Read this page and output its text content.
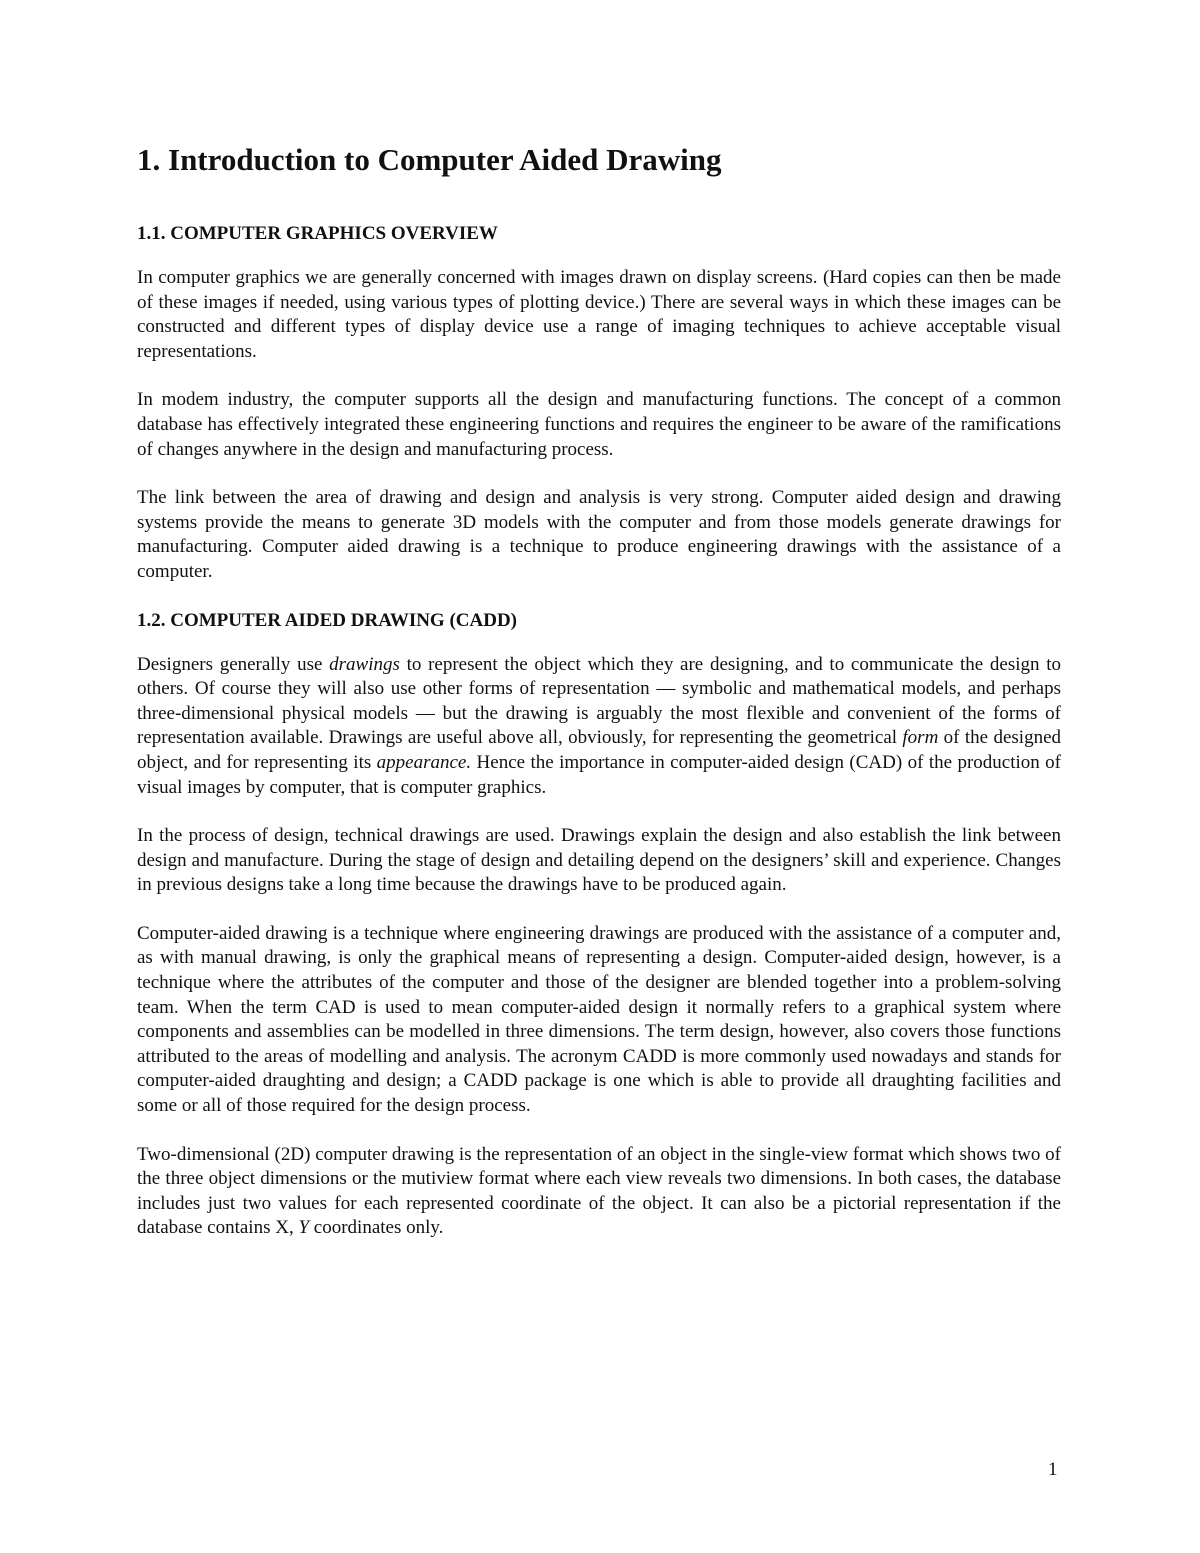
1. Introduction to Computer Aided Drawing
1.1. COMPUTER GRAPHICS OVERVIEW

In computer graphics we are generally concerned with images drawn on display screens. (Hard copies can then be made of these images if needed, using various types of plotting device.) There are several ways in which these images can be constructed and different types of display device use a range of imaging techniques to achieve acceptable visual representations.

In modem industry, the computer supports all the design and manufacturing functions. The concept of a common database has effectively integrated these engineering functions and requires the engineer to be aware of the ramifications of changes anywhere in the design and manufacturing process.

The link between the area of drawing and design and analysis is very strong. Computer aided design and drawing systems provide the means to generate 3D models with the computer and from those models generate drawings for manufacturing. Computer aided drawing is a technique to produce engineering drawings with the assistance of a computer.

1.2. COMPUTER AIDED DRAWING (CADD)

Designers generally use drawings to represent the object which they are designing, and to communicate the design to others. Of course they will also use other forms of representation — symbolic and mathematical models, and perhaps three-dimensional physical models — but the drawing is arguably the most flexible and convenient of the forms of representation available. Drawings are useful above all, obviously, for representing the geometrical form of the designed object, and for representing its appearance. Hence the importance in computer-aided design (CAD) of the production of visual images by computer, that is computer graphics.

In the process of design, technical drawings are used. Drawings explain the design and also establish the link between design and manufacture. During the stage of design and detailing depend on the designers’ skill and experience. Changes in previous designs take a long time because the drawings have to be produced again.

Computer-aided drawing is a technique where engineering drawings are produced with the assistance of a computer and, as with manual drawing, is only the graphical means of representing a design. Computer-aided design, however, is a technique where the attributes of the computer and those of the designer are blended together into a problem-solving team. When the term CAD is used to mean computer-aided design it normally refers to a graphical system where components and assemblies can be modelled in three dimensions. The term design, however, also covers those functions attributed to the areas of modelling and analysis. The acronym CADD is more commonly used nowadays and stands for computer-aided draughting and design; a CADD package is one which is able to provide all draughting facilities and some or all of those required for the design process.

Two-dimensional (2D) computer drawing is the representation of an object in the single-view format which shows two of the three object dimensions or the mutiview format where each view reveals two dimensions. In both cases, the database includes just two values for each represented coordinate of the object. It can also be a pictorial representation if the database contains X, Y coordinates only.

1
